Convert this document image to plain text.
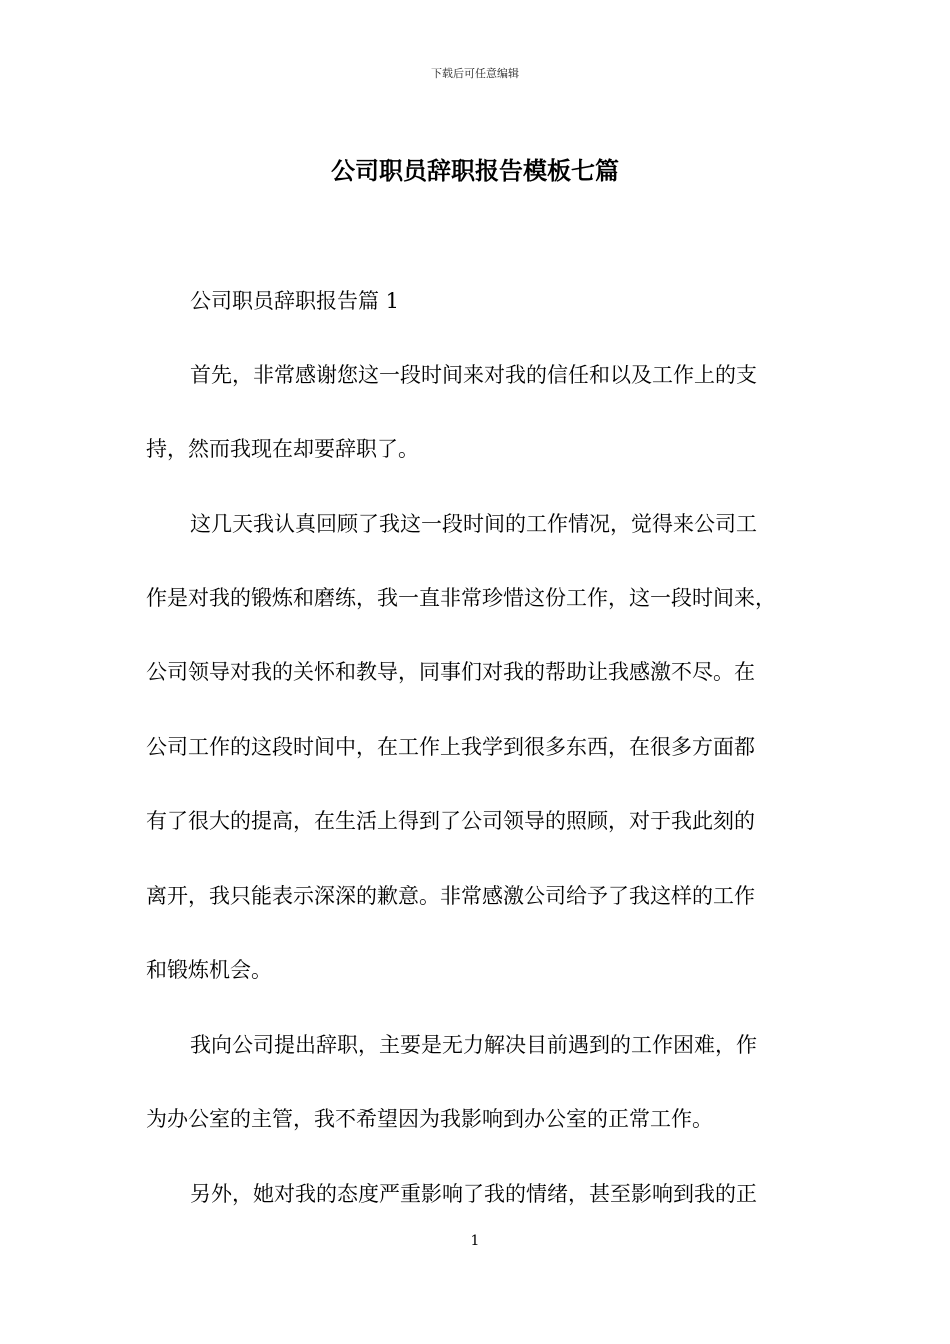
下载后可任意编辑
公司职员辞职报告模板七篇

公司职员辞职报告篇 1

首先，非常感谢您这一段时间来对我的信任和以及工作上的支

持，然而我现在却要辞职了。

这几天我认真回顾了我这一段时间的工作情况，觉得来公司工

作是对我的锻炼和磨练，我一直非常珍惜这份工作，这一段时间来，

公司领导对我的关怀和教导，同事们对我的帮助让我感激不尽。在

公司工作的这段时间中，在工作上我学到很多东西，在很多方面都

有了很大的提高，在生活上得到了公司领导的照顾，对于我此刻的

离开，我只能表示深深的歉意。非常感激公司给予了我这样的工作

和锻炼机会。

我向公司提出辞职，主要是无力解决目前遇到的工作困难，作

为办公室的主管，我不希望因为我影响到办公室的正常工作。

另外，她对我的态度严重影响了我的情绪，甚至影响到我的正

1
